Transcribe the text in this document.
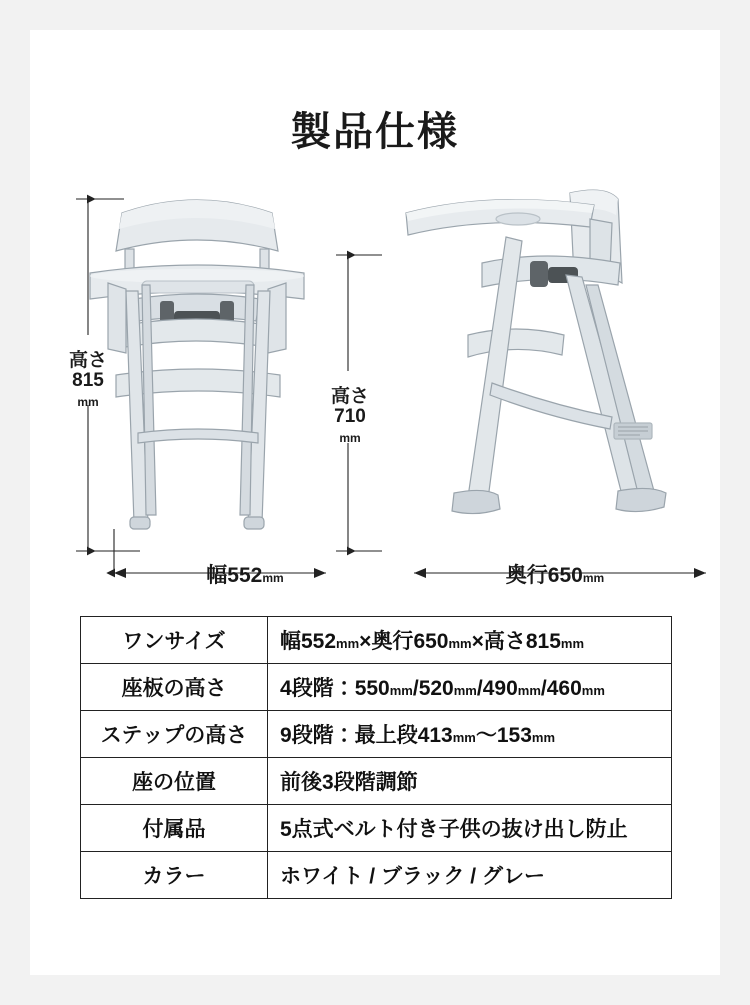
製品仕様
高さ
815
mm	高さ
710
mm
幅552mm	奥行650mm
ワンサイズ	幅552mm×奥行650mm×高さ815mm
座板の高さ	4段階：550mm/520mm/490mm/460mm
ステップの高さ	9段階：最上段413mm〜153mm
座の位置	前後3段階調節
付属品	5点式ベルト付き子供の抜け出し防止
カラー	ホワイト / ブラック / グレー
